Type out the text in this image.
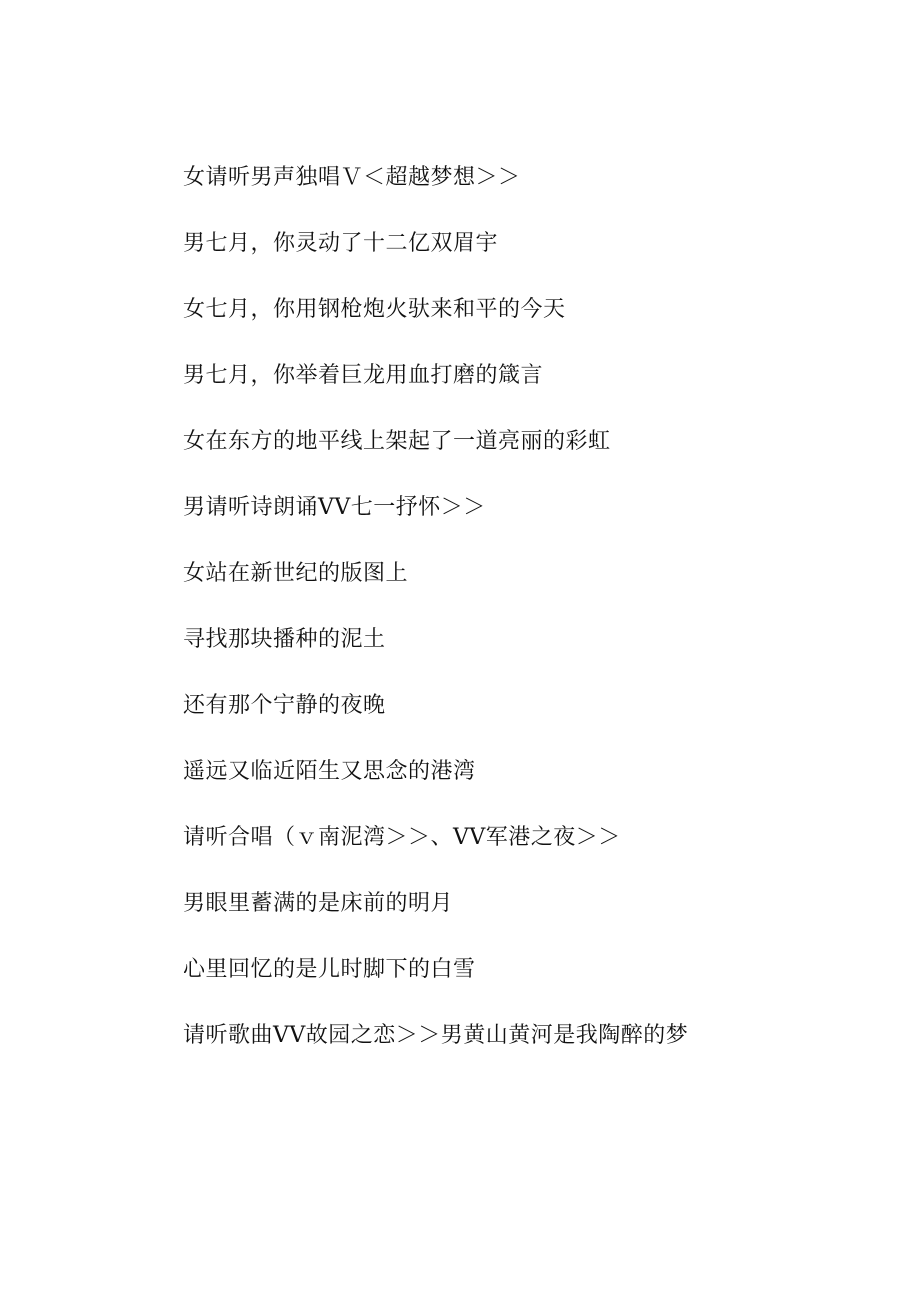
女请听男声独唱Ｖ＜超越梦想＞＞
男七月，你灵动了十二亿双眉宇
女七月，你用钢枪炮火驮来和平的今天
男七月，你举着巨龙用血打磨的箴言
女在东方的地平线上架起了一道亮丽的彩虹
男请听诗朗诵VV七一抒怀＞＞
女站在新世纪的版图上
寻找那块播种的泥土
还有那个宁静的夜晚
遥远又临近陌生又思念的港湾
请听合唱（ｖ南泥湾＞＞、VV军港之夜＞＞
男眼里蓄满的是床前的明月
心里回忆的是儿时脚下的白雪
请听歌曲VV故园之恋＞＞男黄山黄河是我陶醉的梦
